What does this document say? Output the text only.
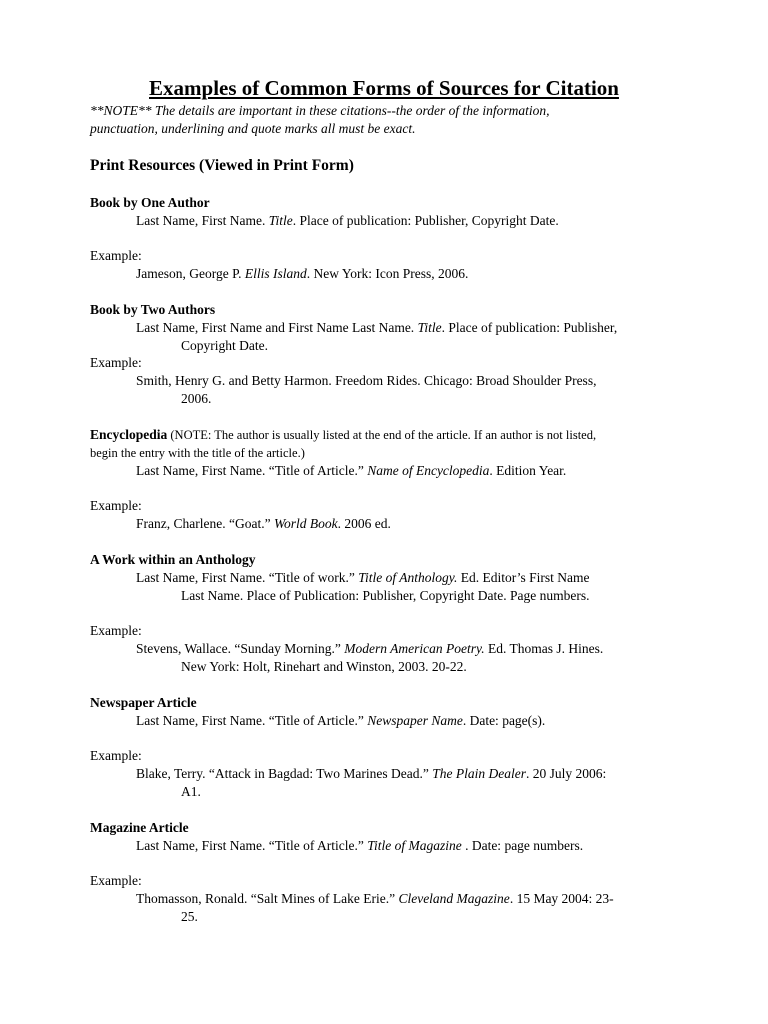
Examples of Common Forms of Sources for Citation
**NOTE** The details are important in these citations--the order of the information,
punctuation, underlining and quote marks all must be exact.
Print Resources (Viewed in Print Form)
Book by One Author
Last Name, First Name. Title. Place of publication: Publisher, Copyright Date.
Example:
Jameson, George P. Ellis Island. New York: Icon Press, 2006.
Book by Two Authors
Last Name, First Name and First Name Last Name. Title. Place of publication: Publisher,
Copyright Date.
Example:
Smith, Henry G. and Betty Harmon. Freedom Rides. Chicago: Broad Shoulder Press,
2006.
Encyclopedia (NOTE: The author is usually listed at the end of the article. If an author is not listed,
begin the entry with the title of the article.)
Last Name, First Name. “Title of Article.” Name of Encyclopedia. Edition Year.
Example:
Franz, Charlene. “Goat.” World Book. 2006 ed.
A Work within an Anthology
Last Name, First Name. “Title of work.” Title of Anthology. Ed. Editor’s First Name
Last Name. Place of Publication: Publisher, Copyright Date. Page numbers.
Example:
Stevens, Wallace. “Sunday Morning.” Modern American Poetry. Ed. Thomas J. Hines.
New York: Holt, Rinehart and Winston, 2003. 20-22.
Newspaper Article
Last Name, First Name. “Title of Article.” Newspaper Name. Date: page(s).
Example:
Blake, Terry. “Attack in Bagdad: Two Marines Dead.” The Plain Dealer. 20 July 2006:
A1.
Magazine Article
Last Name, First Name. “Title of Article.” Title of Magazine . Date: page numbers.
Example:
Thomasson, Ronald. “Salt Mines of Lake Erie.” Cleveland Magazine. 15 May 2004: 23-
25.
